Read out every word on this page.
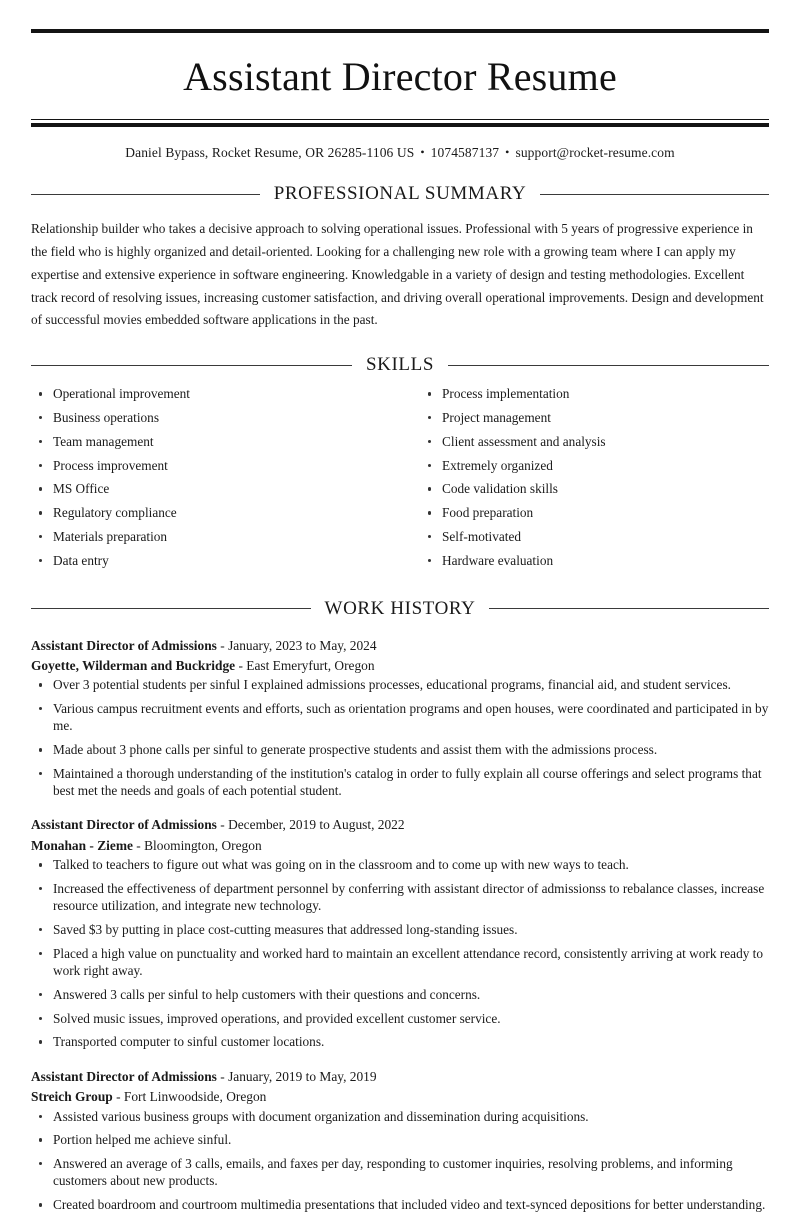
Assistant Director Resume
Daniel Bypass, Rocket Resume, OR 26285-1106 US • 1074587137 • support@rocket-resume.com
PROFESSIONAL SUMMARY

Relationship builder who takes a decisive approach to solving operational issues. Professional with 5 years of progressive experience in the field who is highly organized and detail-oriented. Looking for a challenging new role with a growing team where I can apply my expertise and extensive experience in software engineering. Knowledgable in a variety of design and testing methodologies. Excellent track record of resolving issues, increasing customer satisfaction, and driving overall operational improvements. Design and development of successful movies embedded software applications in the past.

SKILLS
Operational improvement
Business operations
Team management
Process improvement
MS Office
Regulatory compliance
Materials preparation
Data entry
Process implementation
Project management
Client assessment and analysis
Extremely organized
Code validation skills
Food preparation
Self-motivated
Hardware evaluation
WORK HISTORY
Assistant Director of Admissions - January, 2023 to May, 2024
Goyette, Wilderman and Buckridge - East Emeryfurt, Oregon
Over 3 potential students per sinful I explained admissions processes, educational programs, financial aid, and student services.
Various campus recruitment events and efforts, such as orientation programs and open houses, were coordinated and participated in by me.
Made about 3 phone calls per sinful to generate prospective students and assist them with the admissions process.
Maintained a thorough understanding of the institution's catalog in order to fully explain all course offerings and select programs that best met the needs and goals of each potential student.
Assistant Director of Admissions - December, 2019 to August, 2022
Monahan - Zieme - Bloomington, Oregon
Talked to teachers to figure out what was going on in the classroom and to come up with new ways to teach.
Increased the effectiveness of department personnel by conferring with assistant director of admissionss to rebalance classes, increase resource utilization, and integrate new technology.
Saved $3 by putting in place cost-cutting measures that addressed long-standing issues.
Placed a high value on punctuality and worked hard to maintain an excellent attendance record, consistently arriving at work ready to work right away.
Answered 3 calls per sinful to help customers with their questions and concerns.
Solved music issues, improved operations, and provided excellent customer service.
Transported computer to sinful customer locations.
Assistant Director of Admissions - January, 2019 to May, 2019
Streich Group - Fort Linwoodside, Oregon
Assisted various business groups with document organization and dissemination during acquisitions.
Portion helped me achieve sinful.
Answered an average of 3 calls, emails, and faxes per day, responding to customer inquiries, resolving problems, and informing customers about new products.
Created boardroom and courtroom multimedia presentations that included video and text-synced depositions for better understanding.
